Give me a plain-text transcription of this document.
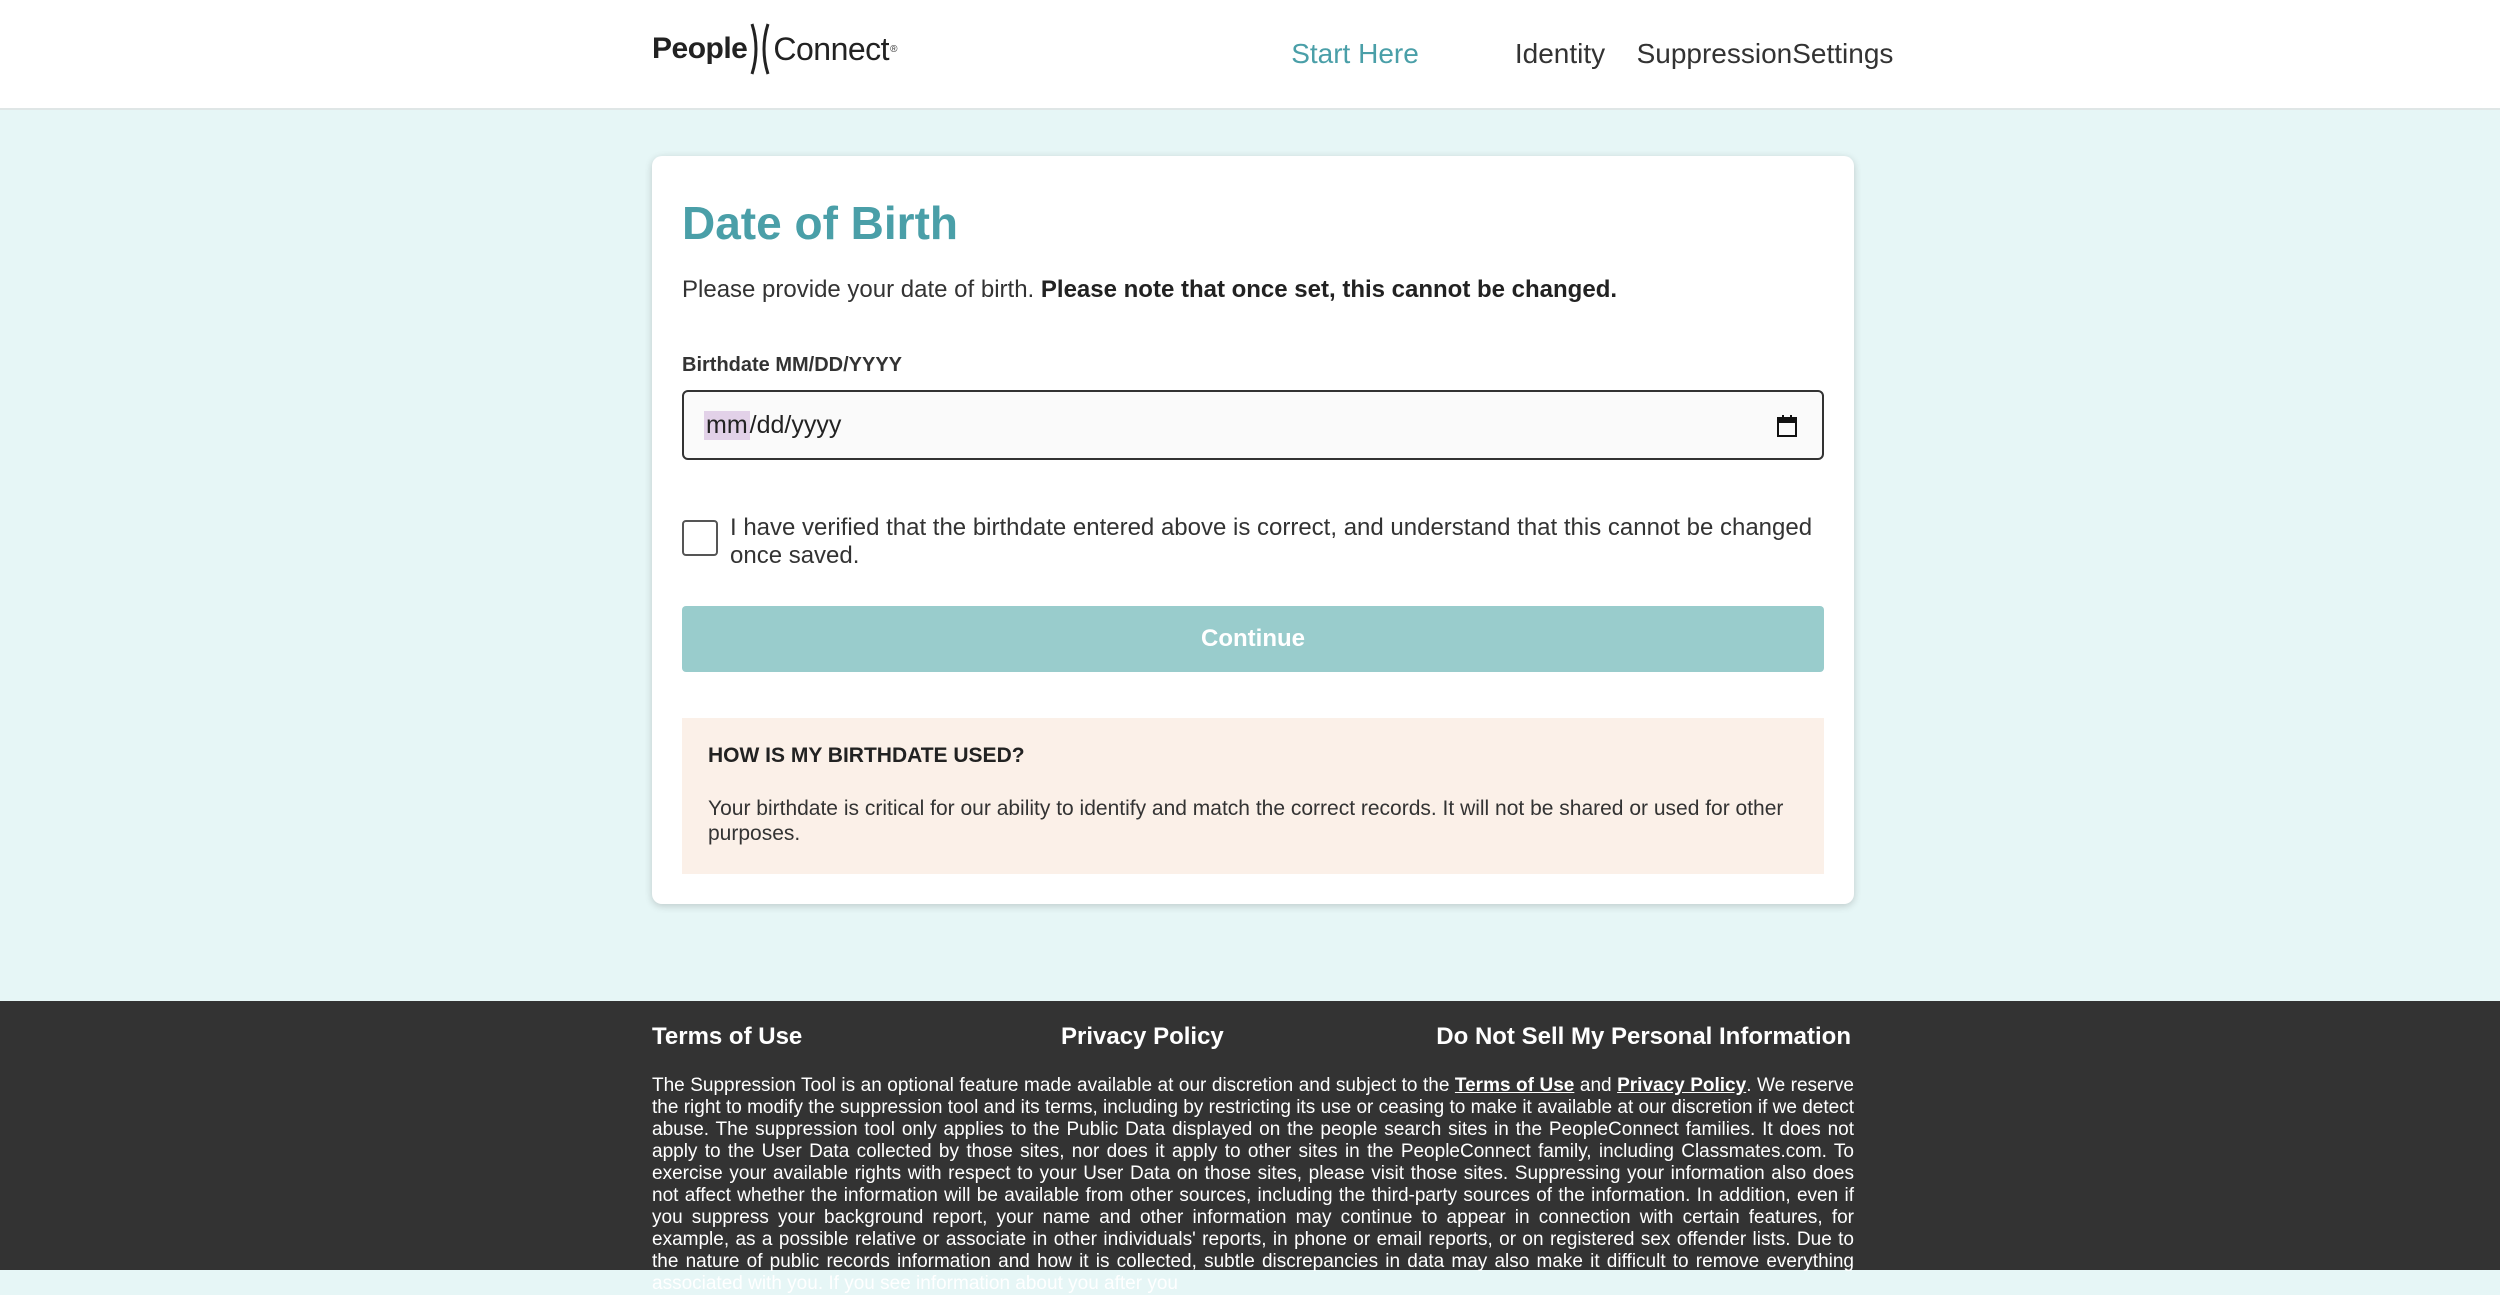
People Connect ®	Start Here	Identity Suppression Settings
Date of Birth
Please provide your date of birth. Please note that once set, this cannot be changed.
Birthdate MM/DD/YYYY
mm /dd/yyyy
I have verified that the birthdate entered above is correct, and understand that this cannot be changed once saved.
Continue
HOW IS MY BIRTHDATE USED?

Your birthdate is critical for our ability to identify and match the correct records. It will not be shared or used for other purposes.

Terms of Use	Privacy Policy	Do Not Sell My Personal Information
The Suppression Tool is an optional feature made available at our discretion and subject to the Terms of Use and Privacy Policy. We reserve the right to modify the suppression tool and its terms, including by restricting its use or ceasing to make it available at our discretion if we detect abuse. The suppression tool only applies to the Public Data displayed on the people search sites in the PeopleConnect families. It does not apply to the User Data collected by those sites, nor does it apply to other sites in the PeopleConnect family, including Classmates.com. To exercise your available rights with respect to your User Data on those sites, please visit those sites. Suppressing your information also does not affect whether the information will be available from other sources, including the third-party sources of the information. In addition, even if you suppress your background report, your name and other information may continue to appear in connection with certain features, for example, as a possible relative or associate in other individuals' reports, in phone or email reports, or on registered sex offender lists. Due to the nature of public records information and how it is collected, subtle discrepancies in data may also make it difficult to remove everything associated with you. If you see information about you after you
